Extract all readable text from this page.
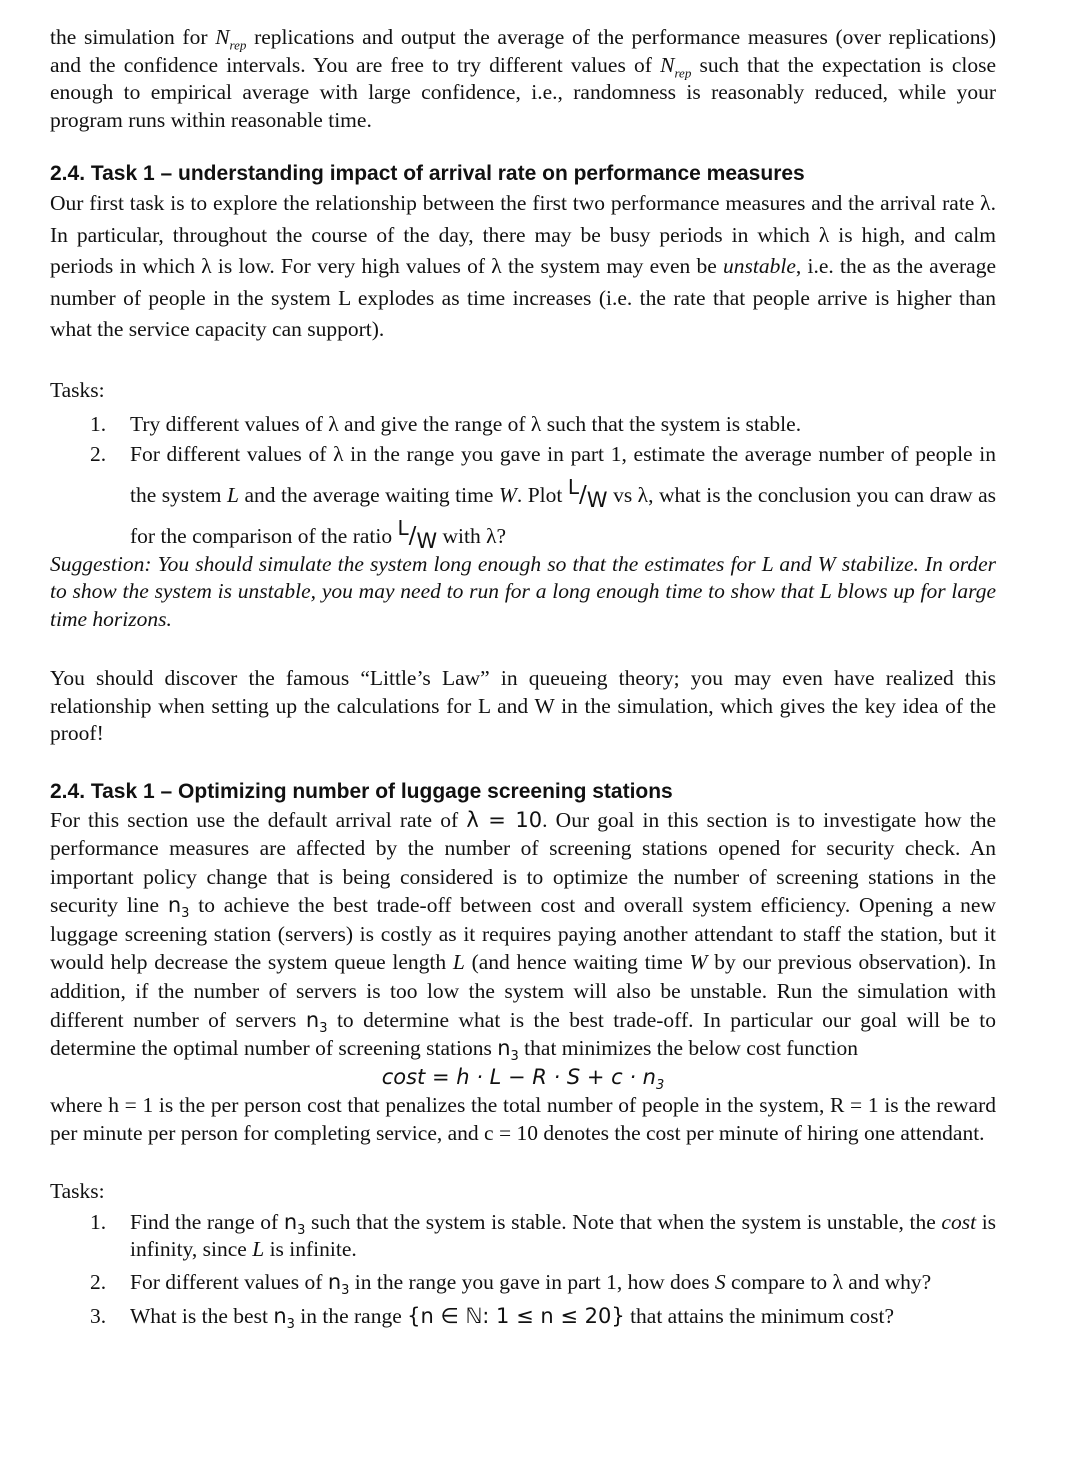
the simulation for $N_{rep}$ replications and output the average of the performance measures (over replications) and the confidence intervals. You are free to try different values of $N_{rep}$ such that the expectation is close enough to empirical average with large confidence, i.e., randomness is reasonably reduced, while your program runs within reasonable time.

2.4. Task 1 – understanding impact of arrival rate on performance measures

Our first task is to explore the relationship between the first two performance measures and the arrival rate λ. In particular, throughout the course of the day, there may be busy periods in which λ is high, and calm periods in which λ is low. For very high values of λ the system may even be unstable, i.e. the as the average number of people in the system L explodes as time increases (i.e. the rate that people arrive is higher than what the service capacity can support).

Tasks:
1. Try different values of λ and give the range of λ such that the system is stable.
2. For different values of λ in the range you gave in part 1, estimate the average number of people in the system L and the average waiting time W. Plot L/W vs λ, what is the conclusion you can draw as for the comparison of the ratio L/W with λ?

Suggestion: You should simulate the system long enough so that the estimates for L and W stabilize. In order to show the system is unstable, you may need to run for a long enough time to show that L blows up for large time horizons.

You should discover the famous “Little’s Law” in queueing theory; you may even have realized this relationship when setting up the calculations for L and W in the simulation, which gives the key idea of the proof!

2.4. Task 1 – Optimizing number of luggage screening stations

For this section use the default arrival rate of λ = 10. Our goal in this section is to investigate how the performance measures are affected by the number of screening stations opened for security check. An important policy change that is being considered is to optimize the number of screening stations in the security line $n_3$ to achieve the best trade-off between cost and overall system efficiency. Opening a new luggage screening station (servers) is costly as it requires paying another attendant to staff the station, but it would help decrease the system queue length L (and hence waiting time W by our previous observation). In addition, if the number of servers is too low the system will also be unstable. Run the simulation with different number of servers $n_3$ to determine what is the best trade-off. In particular our goal will be to determine the optimal number of screening stations $n_3$ that minimizes the below cost function

$\cos t = h \cdot L - R \cdot S + c \cdot n_3$

where h = 1 is the per person cost that penalizes the total number of people in the system, R = 1 is the reward per minute per person for completing service, and c = 10 denotes the cost per minute of hiring one attendant.

Tasks:
1. Find the range of $n_3$ such that the system is stable. Note that when the system is unstable, the cost is infinity, since L is infinite.
2. For different values of $n_3$ in the range you gave in part 1, how does S compare to λ and why?
3. What is the best $n_3$ in the range {n ∈ ℕ: 1 ≤ n ≤ 20} that attains the minimum cost?
